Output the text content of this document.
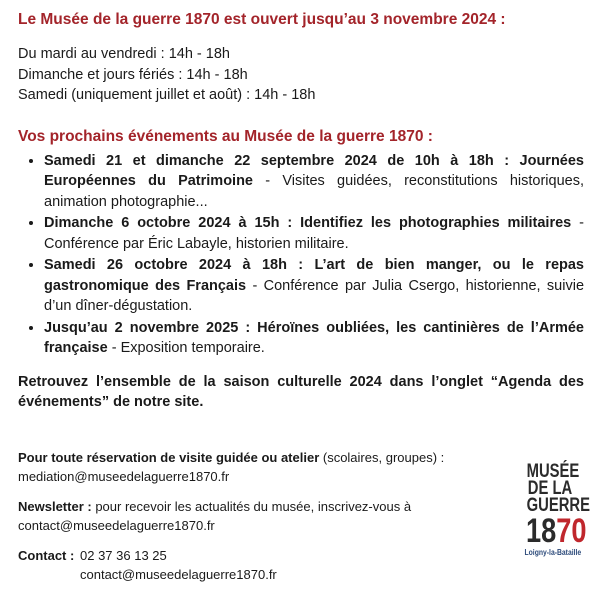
Le Musée de la guerre 1870 est ouvert jusqu’au 3 novembre 2024 :
Du mardi au vendredi : 14h - 18h
Dimanche et jours fériés : 14h - 18h
Samedi (uniquement juillet et août) : 14h - 18h
Vos prochains événements au Musée de la guerre 1870 :
• Samedi 21 et dimanche 22 septembre 2024 de 10h à 18h : Journées Européennes du Patrimoine - Visites guidées, reconstitutions historiques, animation photographie...
• Dimanche 6 octobre 2024 à 15h : Identifiez les photographies militaires - Conférence par Éric Labayle, historien militaire.
• Samedi 26 octobre 2024 à 18h : L’art de bien manger, ou le repas gastronomique des Français - Conférence par Julia Csergo, historienne, suivie d’un dîner-dégustation.
• Jusqu’au 2 novembre 2025 : Héroïnes oubliées, les cantinières de l’Armée française - Exposition temporaire.
Retrouvez l’ensemble de la saison culturelle 2024 dans l’onglet “Agenda des événements” de notre site.

Pour toute réservation de visite guidée ou atelier (scolaires, groupes) :
mediation@museedelaguerre1870.fr

Newsletter : pour recevoir les actualités du musée, inscrivez-vous à
contact@museedelaguerre1870.fr

Contact : 02 37 36 13 25
contact@museedelaguerre1870.fr
MUSÉE
DE LA
GUERRE
1870
Loigny-la-Bataille
